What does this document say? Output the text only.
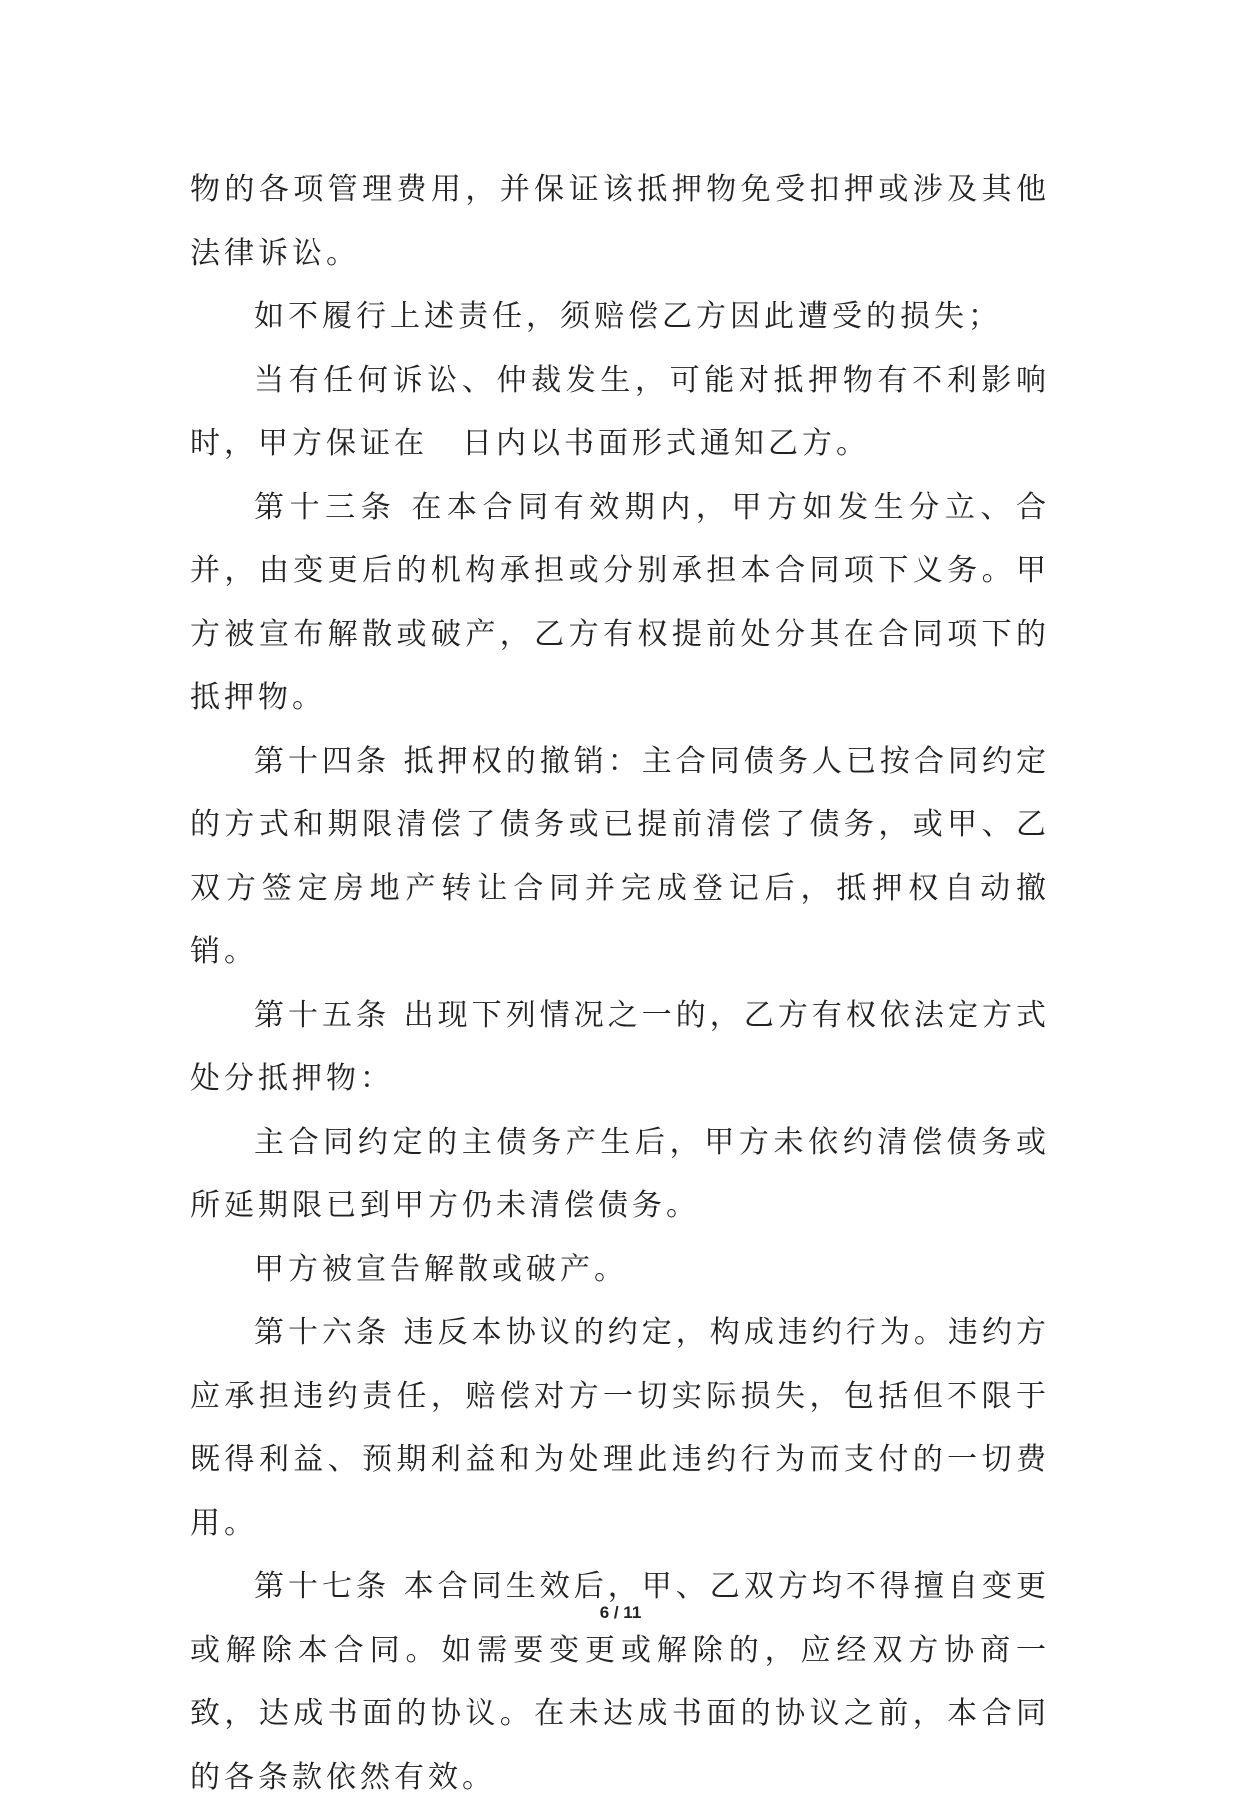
物的各项管理费用，并保证该抵押物免受扣押或涉及其他法律诉讼。

如不履行上述责任，须赔偿乙方因此遭受的损失；

当有任何诉讼、仲裁发生，可能对抵押物有不利影响时，甲方保证在　日内以书面形式通知乙方。

第十三条 在本合同有效期内，甲方如发生分立、合并，由变更后的机构承担或分别承担本合同项下义务。甲方被宣布解散或破产，乙方有权提前处分其在合同项下的抵押物。

第十四条 抵押权的撤销：主合同债务人已按合同约定的方式和期限清偿了债务或已提前清偿了债务，或甲、乙双方签定房地产转让合同并完成登记后，抵押权自动撤销。

第十五条 出现下列情况之一的，乙方有权依法定方式处分抵押物：

主合同约定的主债务产生后，甲方未依约清偿债务或所延期限已到甲方仍未清偿债务。

甲方被宣告解散或破产。

第十六条 违反本协议的约定，构成违约行为。违约方应承担违约责任，赔偿对方一切实际损失，包括但不限于既得利益、预期利益和为处理此违约行为而支付的一切费用。

第十七条 本合同生效后，甲、乙双方均不得擅自变更或解除本合同。如需要变更或解除的，应经双方协商一致，达成书面的协议。在未达成书面的协议之前，本合同的各条款依然有效。

6 / 11
